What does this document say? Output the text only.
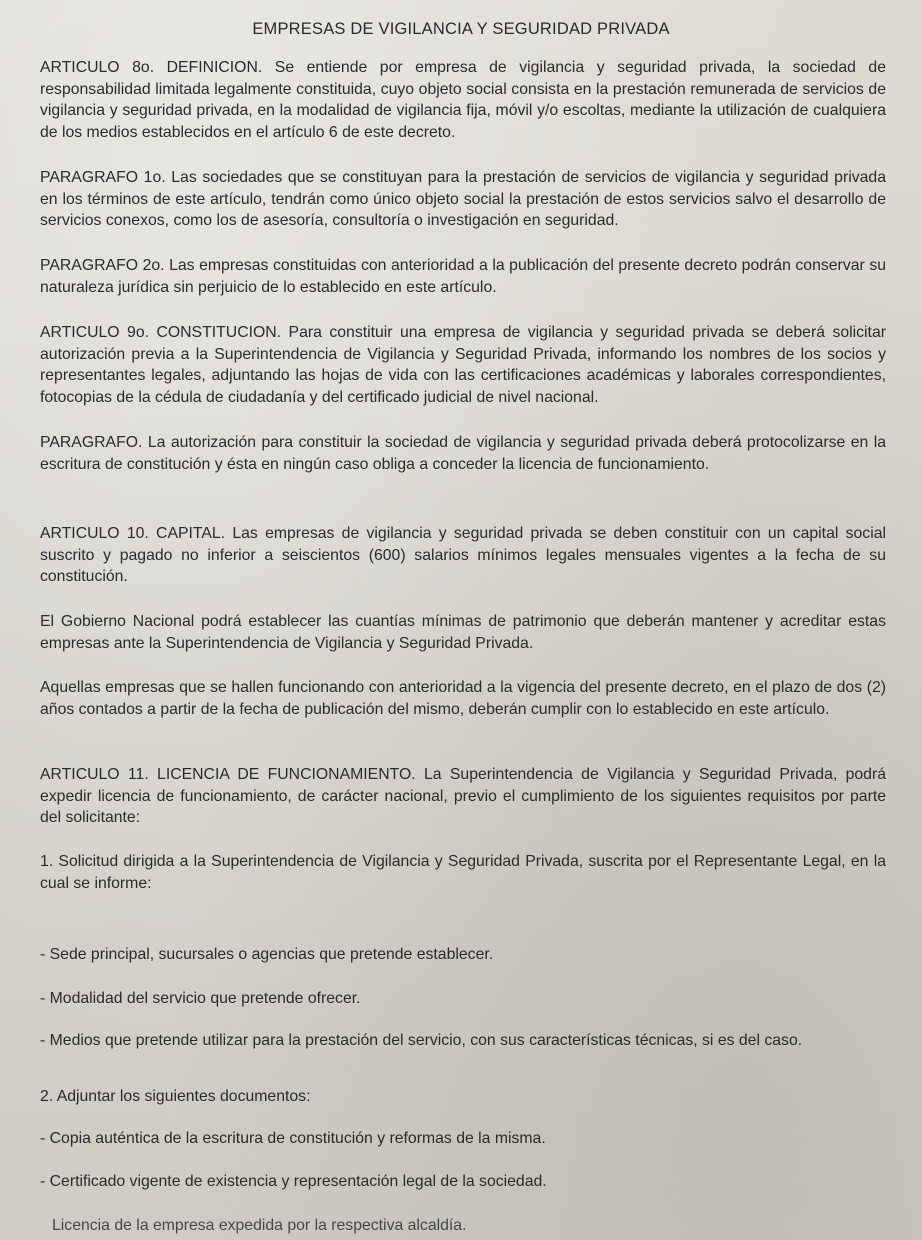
EMPRESAS DE VIGILANCIA Y SEGURIDAD PRIVADA

ARTICULO 8o. DEFINICION. Se entiende por empresa de vigilancia y seguridad privada, la sociedad de responsabilidad limitada legalmente constituida, cuyo objeto social consista en la prestación remunerada de servicios de vigilancia y seguridad privada, en la modalidad de vigilancia fija, móvil y/o escoltas, mediante la utilización de cualquiera de los medios establecidos en el artículo 6 de este decreto.

PARAGRAFO 1o. Las sociedades que se constituyan para la prestación de servicios de vigilancia y seguridad privada en los términos de este artículo, tendrán como único objeto social la prestación de estos servicios salvo el desarrollo de servicios conexos, como los de asesoría, consultoría o investigación en seguridad.

PARAGRAFO 2o. Las empresas constituidas con anterioridad a la publicación del presente decreto podrán conservar su naturaleza jurídica sin perjuicio de lo establecido en este artículo.

ARTICULO 9o. CONSTITUCION. Para constituir una empresa de vigilancia y seguridad privada se deberá solicitar autorización previa a la Superintendencia de Vigilancia y Seguridad Privada, informando los nombres de los socios y representantes legales, adjuntando las hojas de vida con las certificaciones académicas y laborales correspondientes, fotocopias de la cédula de ciudadanía y del certificado judicial de nivel nacional.

PARAGRAFO. La autorización para constituir la sociedad de vigilancia y seguridad privada deberá protocolizarse en la escritura de constitución y ésta en ningún caso obliga a conceder la licencia de funcionamiento.

ARTICULO 10. CAPITAL. Las empresas de vigilancia y seguridad privada se deben constituir con un capital social suscrito y pagado no inferior a seiscientos (600) salarios mínimos legales mensuales vigentes a la fecha de su constitución.

El Gobierno Nacional podrá establecer las cuantías mínimas de patrimonio que deberán mantener y acreditar estas empresas ante la Superintendencia de Vigilancia y Seguridad Privada.

Aquellas empresas que se hallen funcionando con anterioridad a la vigencia del presente decreto, en el plazo de dos (2) años contados a partir de la fecha de publicación del mismo, deberán cumplir con lo establecido en este artículo.

ARTICULO 11. LICENCIA DE FUNCIONAMIENTO. La Superintendencia de Vigilancia y Seguridad Privada, podrá expedir licencia de funcionamiento, de carácter nacional, previo el cumplimiento de los siguientes requisitos por parte del solicitante:

1. Solicitud dirigida a la Superintendencia de Vigilancia y Seguridad Privada, suscrita por el Representante Legal, en la cual se informe:

- Sede principal, sucursales o agencias que pretende establecer.

- Modalidad del servicio que pretende ofrecer.

- Medios que pretende utilizar para la prestación del servicio, con sus características técnicas, si es del caso.

2. Adjuntar los siguientes documentos:

- Copia auténtica de la escritura de constitución y reformas de la misma.

- Certificado vigente de existencia y representación legal de la sociedad.

Licencia de la empresa expedida por la respectiva alcaldía.
